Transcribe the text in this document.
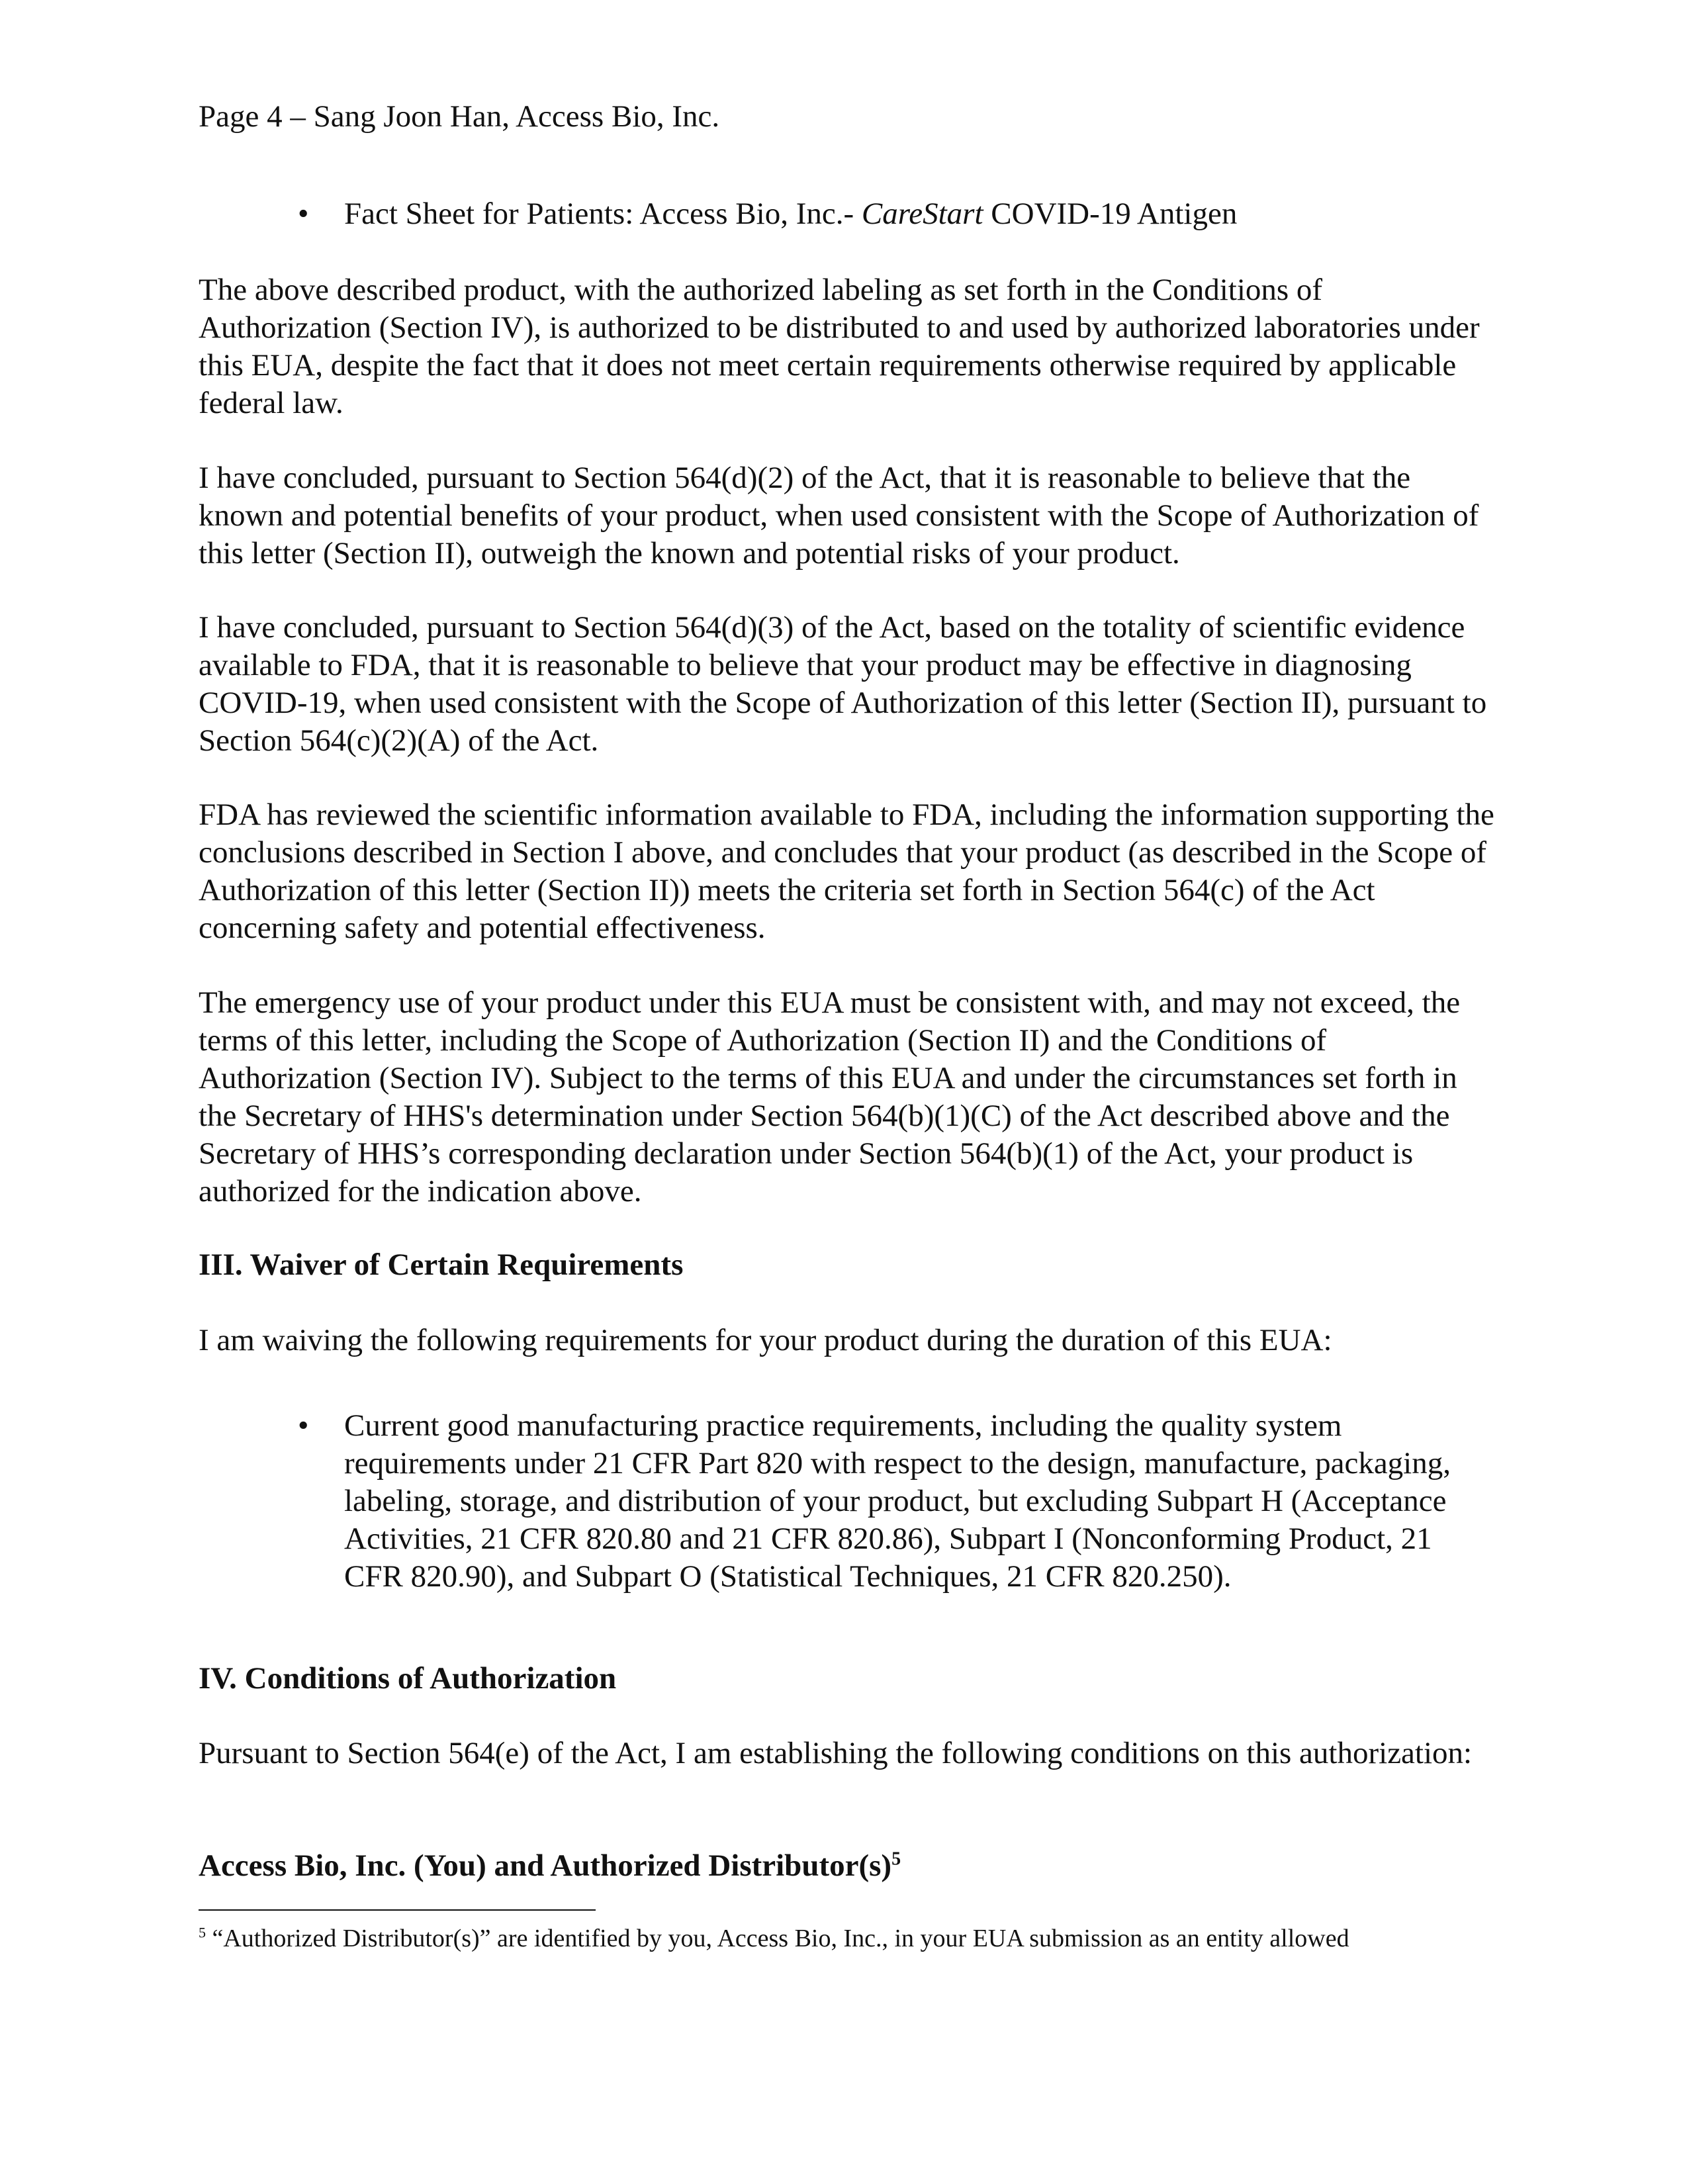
Page 4 – Sang Joon Han, Access Bio, Inc.
•	Fact Sheet for Patients: Access Bio, Inc.- CareStart COVID-19 Antigen

The above described product, with the authorized labeling as set forth in the Conditions of Authorization (Section IV), is authorized to be distributed to and used by authorized laboratories under this EUA, despite the fact that it does not meet certain requirements otherwise required by applicable federal law.

I have concluded, pursuant to Section 564(d)(2) of the Act, that it is reasonable to believe that the known and potential benefits of your product, when used consistent with the Scope of Authorization of this letter (Section II), outweigh the known and potential risks of your product.

I have concluded, pursuant to Section 564(d)(3) of the Act, based on the totality of scientific evidence available to FDA, that it is reasonable to believe that your product may be effective in diagnosing COVID-19, when used consistent with the Scope of Authorization of this letter (Section II), pursuant to Section 564(c)(2)(A) of the Act.

FDA has reviewed the scientific information available to FDA, including the information supporting the conclusions described in Section I above, and concludes that your product (as described in the Scope of Authorization of this letter (Section II)) meets the criteria set forth in Section 564(c) of the Act concerning safety and potential effectiveness.

The emergency use of your product under this EUA must be consistent with, and may not exceed, the terms of this letter, including the Scope of Authorization (Section II) and the Conditions of Authorization (Section IV). Subject to the terms of this EUA and under the circumstances set forth in the Secretary of HHS's determination under Section 564(b)(1)(C) of the Act described above and the Secretary of HHS’s corresponding declaration under Section 564(b)(1) of the Act, your product is authorized for the indication above.

III. Waiver of Certain Requirements

I am waiving the following requirements for your product during the duration of this EUA:

•	Current good manufacturing practice requirements, including the quality system requirements under 21 CFR Part 820 with respect to the design, manufacture, packaging, labeling, storage, and distribution of your product, but excluding Subpart H (Acceptance Activities, 21 CFR 820.80 and 21 CFR 820.86), Subpart I (Nonconforming Product, 21 CFR 820.90), and Subpart O (Statistical Techniques, 21 CFR 820.250).
IV. Conditions of Authorization

Pursuant to Section 564(e) of the Act, I am establishing the following conditions on this authorization:

Access Bio, Inc. (You) and Authorized $Distributor(s)^5$
$^5$ “Authorized Distributor(s)” are identified by you, Access Bio, Inc., in your EUA submission as an entity allowed
